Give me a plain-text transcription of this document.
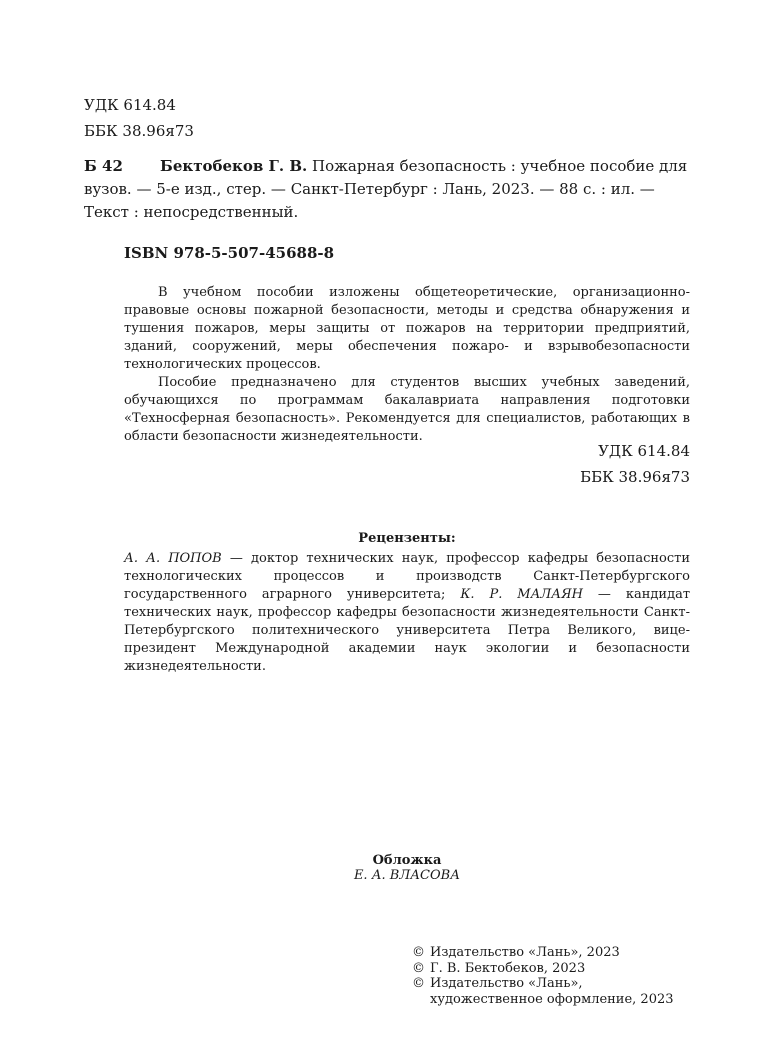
УДК 614.84
ББК 38.96я73
Б 42 Бектобеков Г. В. Пожарная безопасность : учебное пособие для
вузов. — 5-е изд., стер. — Санкт-Петербург : Лань, 2023. — 88 с. : ил. —
Текст : непосредственный.
ISBN 978-5-507-45688-8

В учебном пособии изложены общетеоретические, организационно-правовые основы пожарной безопасности, методы и средства обнаружения и тушения пожаров, меры защиты от пожаров на территории предприятий, зданий, сооружений, меры обеспечения пожаро- и взрывобезопасности технологических процессов.

Пособие предназначено для студентов высших учебных заведений, обучающихся по программам бакалавриата направления подготовки «Техносферная безопасность». Рекомендуется для специалистов, работающих в области безопасности жизнедеятельности.

УДК 614.84
ББК 38.96я73
Рецензенты:

А. А. ПОПОВ — доктор технических наук, профессор кафедры безопасности технологических процессов и производств Санкт-Петербургского государственного аграрного университета; К. Р. МАЛАЯН — кандидат технических наук, профессор кафедры безопасности жизнедеятельности Санкт-Петербургского политехнического университета Петра Великого, вице-президент Международной академии наук экологии и безопасности жизнедеятельности.

Обложка
Е. А. ВЛАСОВА
© Издательство «Лань», 2023
© Г. В. Бектобеков, 2023
© Издательство «Лань»,
художественное оформление, 2023
